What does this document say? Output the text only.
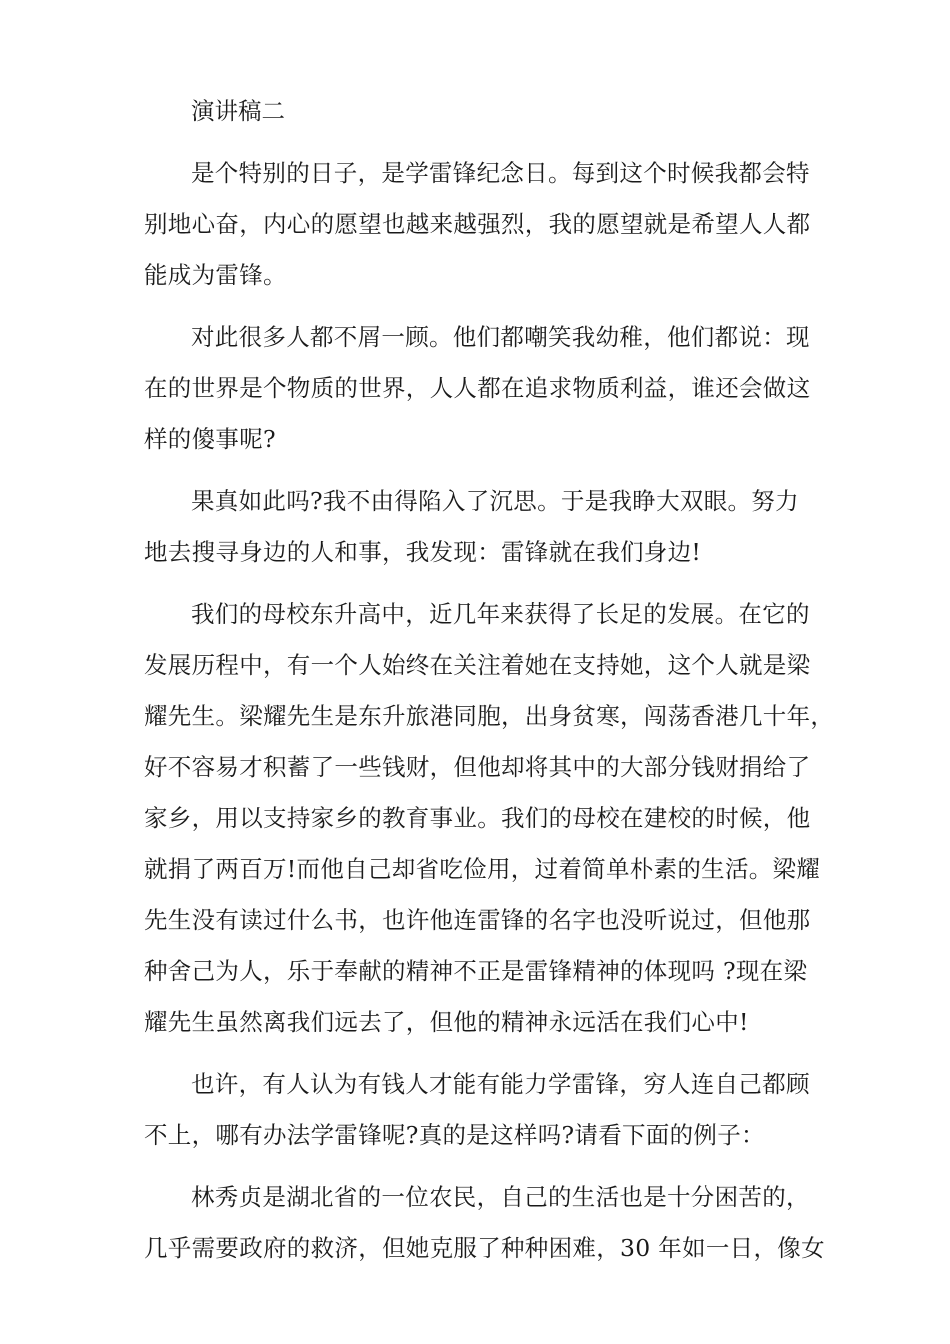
演讲稿二

是个特别的日子，是学雷锋纪念日。每到这个时候我都会特
别地心奋，内心的愿望也越来越强烈，我的愿望就是希望人人都
能成为雷锋。

对此很多人都不屑一顾。他们都嘲笑我幼稚，他们都说：现
在的世界是个物质的世界，人人都在追求物质利益，谁还会做这
样的傻事呢?

果真如此吗?我不由得陷入了沉思。于是我睁大双眼。努力
地去搜寻身边的人和事，我发现：雷锋就在我们身边!

我们的母校东升高中，近几年来获得了长足的发展。在它的
发展历程中，有一个人始终在关注着她在支持她，这个人就是梁
耀先生。梁耀先生是东升旅港同胞，出身贫寒，闯荡香港几十年，
好不容易才积蓄了一些钱财，但他却将其中的大部分钱财捐给了
家乡，用以支持家乡的教育事业。我们的母校在建校的时候，他
就捐了两百万!而他自己却省吃俭用，过着简单朴素的生活。梁耀
先生没有读过什么书，也许他连雷锋的名字也没听说过，但他那
种舍己为人，乐于奉献的精神不正是雷锋精神的体现吗 ?现在梁
耀先生虽然离我们远去了，但他的精神永远活在我们心中!

也许，有人认为有钱人才能有能力学雷锋，穷人连自己都顾
不上，哪有办法学雷锋呢?真的是这样吗?请看下面的例子：

林秀贞是湖北省的一位农民，自己的生活也是十分困苦的，
几乎需要政府的救济，但她克服了种种困难，30 年如一日，像女
